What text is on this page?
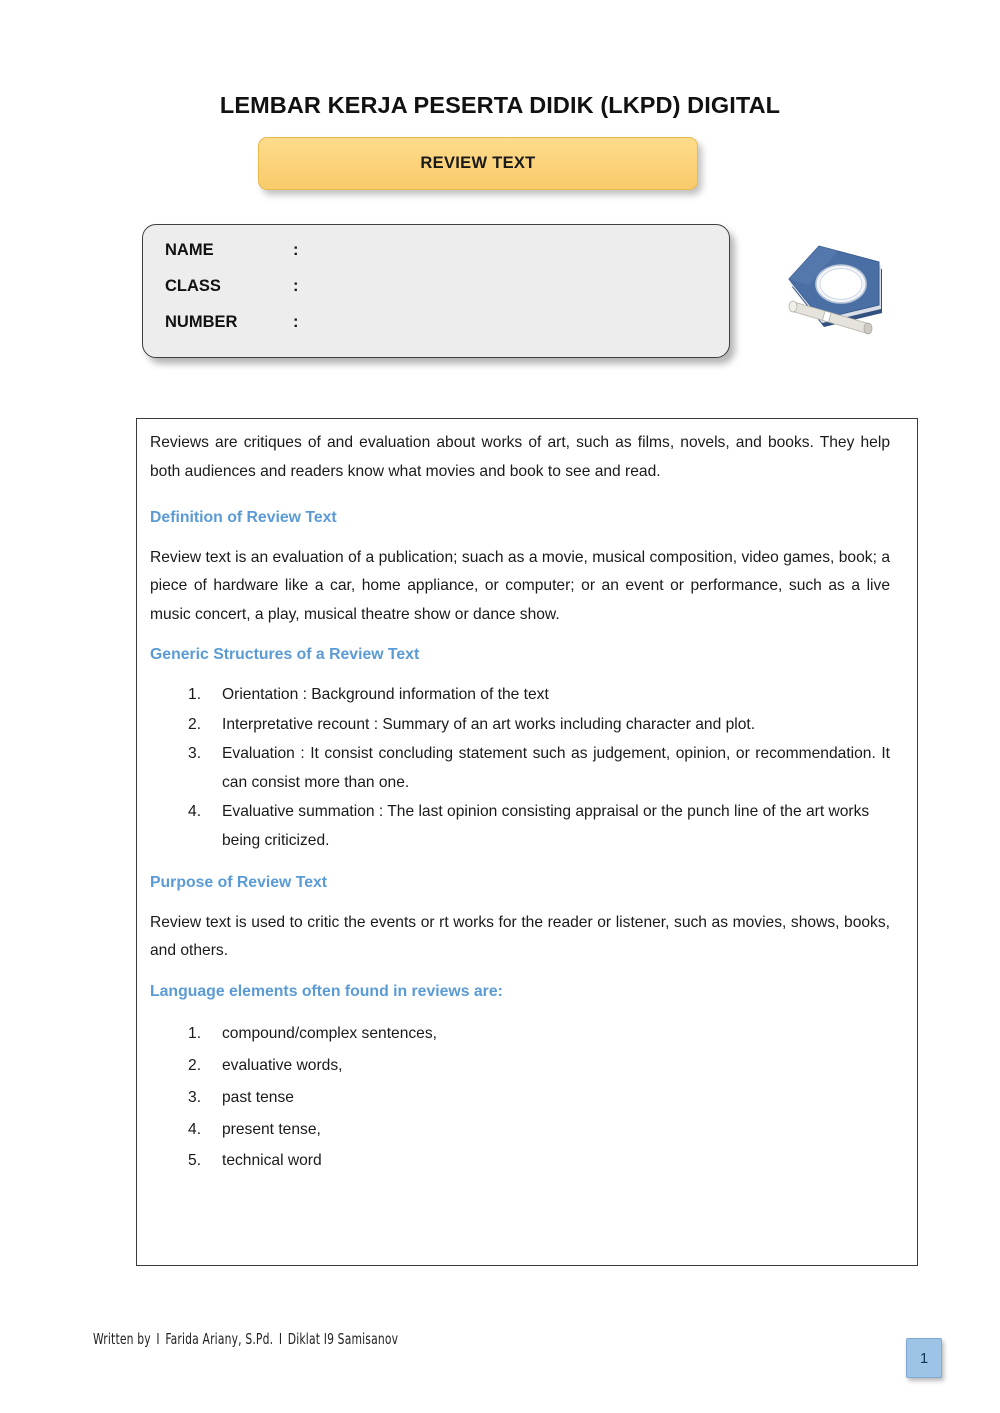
LEMBAR KERJA PESERTA DIDIK (LKPD) DIGITAL
REVIEW TEXT
NAME	:
CLASS	:
NUMBER	:

Reviews are critiques of and evaluation about works of art, such as films, novels, and books. They help both audiences and readers know what movies and book to see and read.

Definition of Review Text

Review text is an evaluation of a publication; suach as a movie, musical composition, video games, book; a piece of hardware like a car, home appliance, or computer; or an event or performance, such as a live music concert, a play, musical theatre show or dance show.

Generic Structures of a Review Text
Orientation : Background information of the text
Interpretative recount : Summary of an art works including character and plot.
Evaluation : It consist concluding statement such as judgement, opinion, or recommendation. It can consist more than one.
Evaluative summation : The last opinion consisting appraisal or the punch line of the art works being criticized.
Purpose of Review Text

Review text is used to critic the events or rt works for the reader or listener, such as movies, shows, books, and others.

Language elements often found in reviews are:
compound/complex sentences,
evaluative words,
past tense
present tense,
technical word
Written by I Farida Ariany, S.Pd. I Diklat I9 Samisanov
1
